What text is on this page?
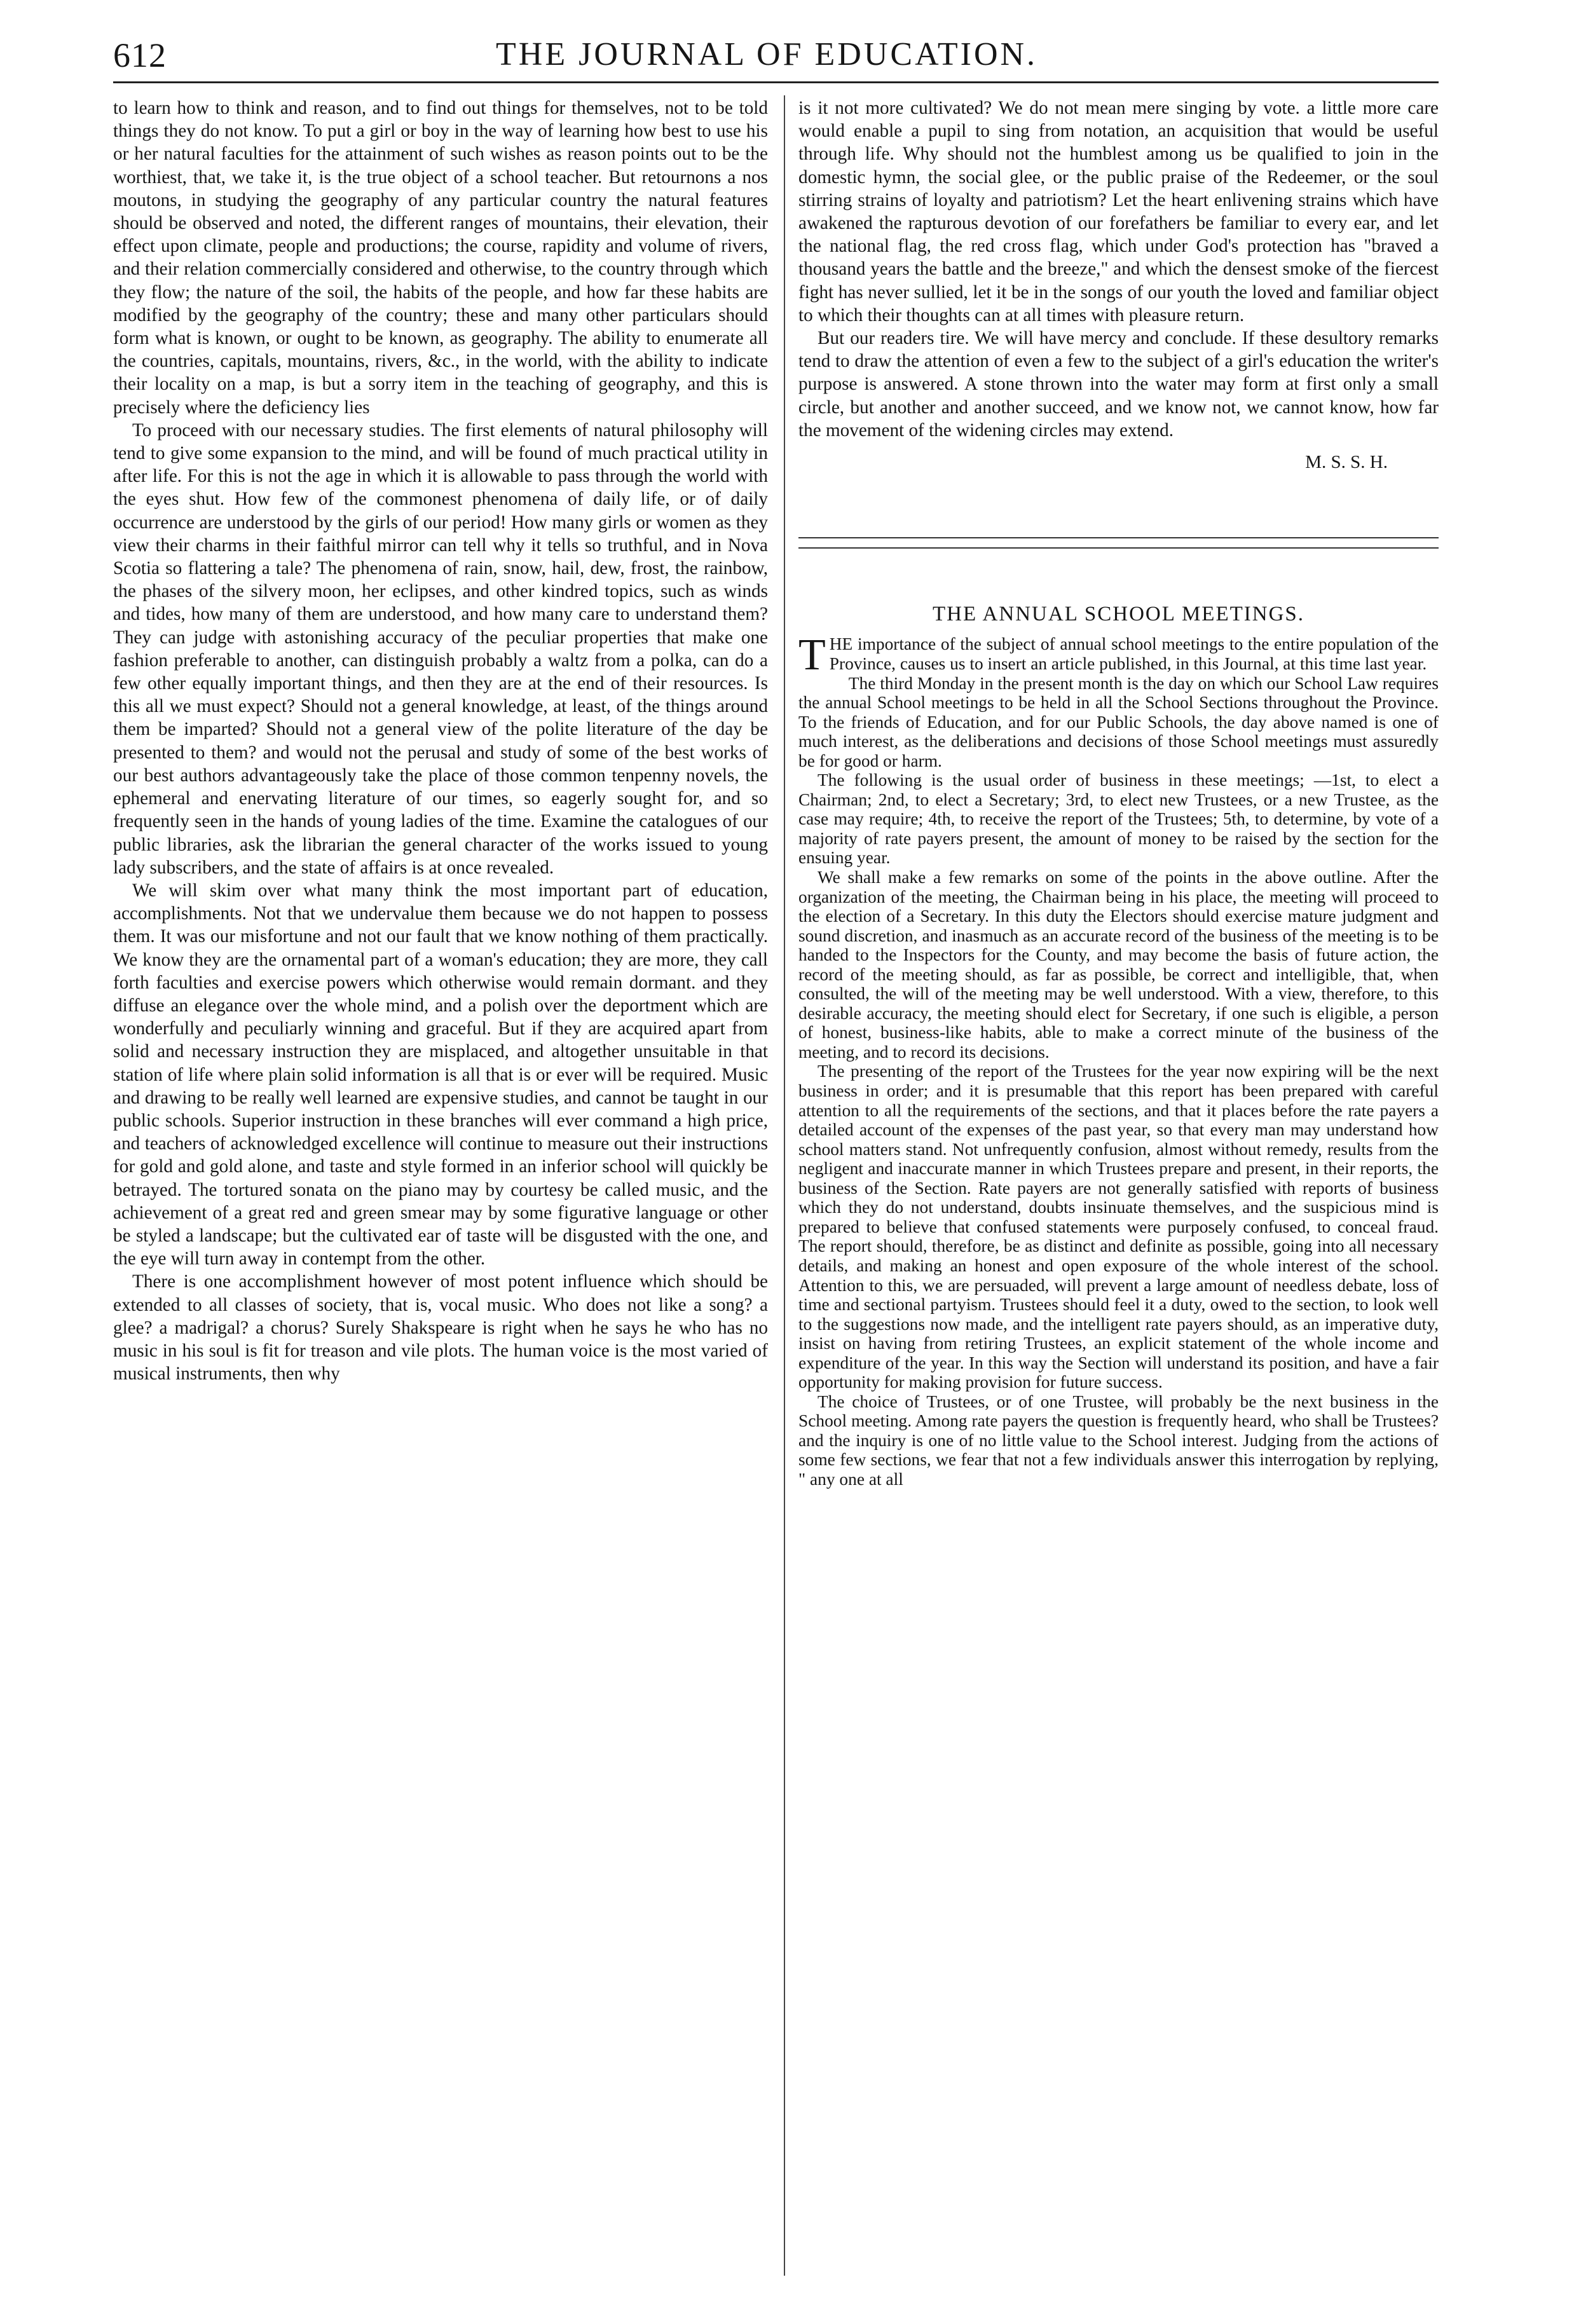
612	THE JOURNAL OF EDUCATION.

to learn how to think and reason, and to find out things for themselves, not to be told things they do not know. To put a girl or boy in the way of learning how best to use his or her natural faculties for the attainment of such wishes as reason points out to be the worthiest, that, we take it, is the true object of a school teacher. But retournons a nos moutons, in studying the geography of any particular country the natural features should be observed and noted, the different ranges of mountains, their elevation, their effect upon climate, people and productions; the course, rapidity and volume of rivers, and their relation commercially considered and otherwise, to the country through which they flow; the nature of the soil, the habits of the people, and how far these habits are modified by the geography of the country; these and many other particulars should form what is known, or ought to be known, as geography. The ability to enumerate all the countries, capitals, mountains, rivers, &c., in the world, with the ability to indicate their locality on a map, is but a sorry item in the teaching of geography, and this is precisely where the deficiency lies

To proceed with our necessary studies. The first elements of natural philosophy will tend to give some expansion to the mind, and will be found of much practical utility in after life. For this is not the age in which it is allowable to pass through the world with the eyes shut. How few of the commonest phenomena of daily life, or of daily occurrence are understood by the girls of our period! How many girls or women as they view their charms in their faithful mirror can tell why it tells so truthful, and in Nova Scotia so flattering a tale? The phenomena of rain, snow, hail, dew, frost, the rainbow, the phases of the silvery moon, her eclipses, and other kindred topics, such as winds and tides, how many of them are understood, and how many care to understand them? They can judge with astonishing accuracy of the peculiar properties that make one fashion preferable to another, can distinguish probably a waltz from a polka, can do a few other equally important things, and then they are at the end of their resources. Is this all we must expect? Should not a general knowledge, at least, of the things around them be imparted? Should not a general view of the polite literature of the day be presented to them? and would not the perusal and study of some of the best works of our best authors advantageously take the place of those common tenpenny novels, the ephemeral and enervating literature of our times, so eagerly sought for, and so frequently seen in the hands of young ladies of the time. Examine the catalogues of our public libraries, ask the librarian the general character of the works issued to young lady subscribers, and the state of affairs is at once revealed.

We will skim over what many think the most important part of education, accomplishments. Not that we undervalue them because we do not happen to possess them. It was our misfortune and not our fault that we know nothing of them practically. We know they are the ornamental part of a woman's education; they are more, they call forth faculties and exercise powers which otherwise would remain dormant. and they diffuse an elegance over the whole mind, and a polish over the deportment which are wonderfully and peculiarly winning and graceful. But if they are acquired apart from solid and necessary instruction they are misplaced, and altogether unsuitable in that station of life where plain solid information is all that is or ever will be required. Music and drawing to be really well learned are expensive studies, and cannot be taught in our public schools. Superior instruction in these branches will ever command a high price, and teachers of acknowledged excellence will continue to measure out their instructions for gold and gold alone, and taste and style formed in an inferior school will quickly be betrayed. The tortured sonata on the piano may by courtesy be called music, and the achievement of a great red and green smear may by some figurative language or other be styled a landscape; but the cultivated ear of taste will be disgusted with the one, and the eye will turn away in contempt from the other.

There is one accomplishment however of most potent influence which should be extended to all classes of society, that is, vocal music. Who does not like a song? a glee? a madrigal? a chorus? Surely Shakspeare is right when he says he who has no music in his soul is fit for treason and vile plots. The human voice is the most varied of musical instruments, then why

is it not more cultivated? We do not mean mere singing by vote. a little more care would enable a pupil to sing from notation, an acquisition that would be useful through life. Why should not the humblest among us be qualified to join in the domestic hymn, the social glee, or the public praise of the Redeemer, or the soul stirring strains of loyalty and patriotism? Let the heart enlivening strains which have awakened the rapturous devotion of our forefathers be familiar to every ear, and let the national flag, the red cross flag, which under God's protection has "braved a thousand years the battle and the breeze," and which the densest smoke of the fiercest fight has never sullied, let it be in the songs of our youth the loved and familiar object to which their thoughts can at all times with pleasure return.

But our readers tire. We will have mercy and conclude. If these desultory remarks tend to draw the attention of even a few to the subject of a girl's education the writer's purpose is answered. A stone thrown into the water may form at first only a small circle, but another and another succeed, and we know not, we cannot know, how far the movement of the widening circles may extend.

M. S. S. H.
THE ANNUAL SCHOOL MEETINGS.

THE importance of the subject of annual school meetings to the entire population of the Province, causes us to insert an article published, in this Journal, at this time last year.

The third Monday in the present month is the day on which our School Law requires the annual School meetings to be held in all the School Sections throughout the Province. To the friends of Education, and for our Public Schools, the day above named is one of much interest, as the deliberations and decisions of those School meetings must assuredly be for good or harm.

The following is the usual order of business in these meetings; —1st, to elect a Chairman; 2nd, to elect a Secretary; 3rd, to elect new Trustees, or a new Trustee, as the case may require; 4th, to receive the report of the Trustees; 5th, to determine, by vote of a majority of rate payers present, the amount of money to be raised by the section for the ensuing year.

We shall make a few remarks on some of the points in the above outline. After the organization of the meeting, the Chairman being in his place, the meeting will proceed to the election of a Secretary. In this duty the Electors should exercise mature judgment and sound discretion, and inasmuch as an accurate record of the business of the meeting is to be handed to the Inspectors for the County, and may become the basis of future action, the record of the meeting should, as far as possible, be correct and intelligible, that, when consulted, the will of the meeting may be well understood. With a view, therefore, to this desirable accuracy, the meeting should elect for Secretary, if one such is eligible, a person of honest, business-like habits, able to make a correct minute of the business of the meeting, and to record its decisions.

The presenting of the report of the Trustees for the year now expiring will be the next business in order; and it is presumable that this report has been prepared with careful attention to all the requirements of the sections, and that it places before the rate payers a detailed account of the expenses of the past year, so that every man may understand how school matters stand. Not unfrequently confusion, almost without remedy, results from the negligent and inaccurate manner in which Trustees prepare and present, in their reports, the business of the Section. Rate payers are not generally satisfied with reports of business which they do not understand, doubts insinuate themselves, and the suspicious mind is prepared to believe that confused statements were purposely confused, to conceal fraud. The report should, therefore, be as distinct and definite as possible, going into all necessary details, and making an honest and open exposure of the whole interest of the school. Attention to this, we are persuaded, will prevent a large amount of needless debate, loss of time and sectional partyism. Trustees should feel it a duty, owed to the section, to look well to the suggestions now made, and the intelligent rate payers should, as an imperative duty, insist on having from retiring Trustees, an explicit statement of the whole income and expenditure of the year. In this way the Section will understand its position, and have a fair opportunity for making provision for future success.

The choice of Trustees, or of one Trustee, will probably be the next business in the School meeting. Among rate payers the question is frequently heard, who shall be Trustees? and the inquiry is one of no little value to the School interest. Judging from the actions of some few sections, we fear that not a few individuals answer this interrogation by replying, " any one at all
